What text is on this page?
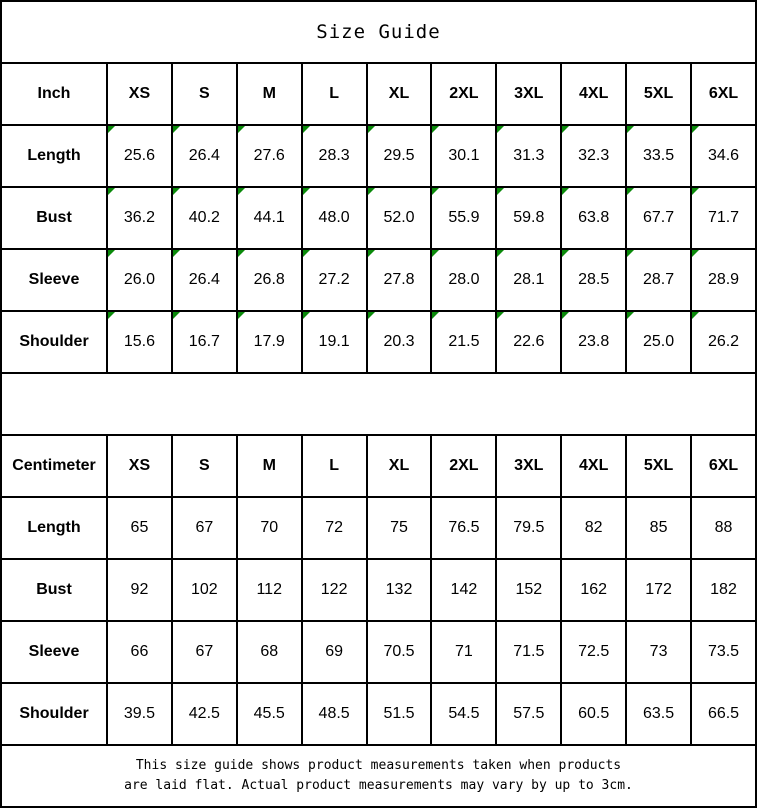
Size Guide										
Inch	XS	S	M	L	XL	2XL	3XL	4XL	5XL	6XL
Length	25.6	26.4	27.6	28.3	29.5	30.1	31.3	32.3	33.5	34.6
Bust	36.2	40.2	44.1	48.0	52.0	55.9	59.8	63.8	67.7	71.7
Sleeve	26.0	26.4	26.8	27.2	27.8	28.0	28.1	28.5	28.7	28.9
Shoulder	15.6	16.7	17.9	19.1	20.3	21.5	22.6	23.8	25.0	26.2

Centimeter	XS	S	M	L	XL	2XL	3XL	4XL	5XL	6XL
Length	65	67	70	72	75	76.5	79.5	82	85	88
Bust	92	102	112	122	132	142	152	162	172	182
Sleeve	66	67	68	69	70.5	71	71.5	72.5	73	73.5
Shoulder	39.5	42.5	45.5	48.5	51.5	54.5	57.5	60.5	63.5	66.5

This size guide shows product measurements taken when products
are laid flat. Actual product measurements may vary by up to 3cm.										
